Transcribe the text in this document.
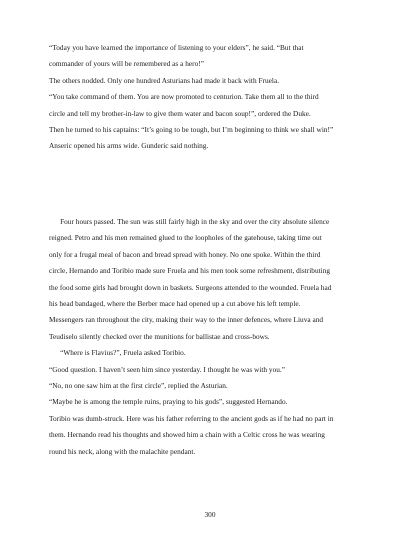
“Today you have learned the importance of listening to your elders”, he said. “But that
commander of yours will be remembered as a hero!”
The others nodded. Only one hundred Asturians had made it back with Fruela.
“You take command of them. You are now promoted to centurion. Take them all to the third
circle and tell my brother-in-law to give them water and bacon soup!”, ordered the Duke.
Then he turned to his captains: “It’s going to be tough, but I’m beginning to think we shall win!”
Anseric opened his arms wide. Gunderic said nothing.
Four hours passed. The sun was still fairly high in the sky and over the city absolute silence
reigned. Petro and his men remained glued to the loopholes of the gatehouse, taking time out
only for a frugal meal of bacon and bread spread with honey. No one spoke. Within the third
circle, Hernando and Toribio made sure Fruela and his men took some refreshment, distributing
the food some girls had brought down in baskets. Surgeons attended to the wounded. Fruela had
his head bandaged, where the Berber mace had opened up a cut above his left temple.
Messengers ran throughout the city, making their way to the inner defences, where Liuva and
Teudiselo silently checked over the munitions for ballistae and cross-bows.
“Where is Flavius?”, Fruela asked Toribio.
“Good question. I haven’t seen him since yesterday. I thought he was with you.”
“No, no one saw him at the first circle”, replied the Asturian.
“Maybe he is among the temple ruins, praying to his gods”, suggested Hernando.
Toribio was dumb-struck. Here was his father referring to the ancient gods as if he had no part in
them. Hernando read his thoughts and showed him a chain with a Celtic cross he was wearing
round his neck, along with the malachite pendant.
300
